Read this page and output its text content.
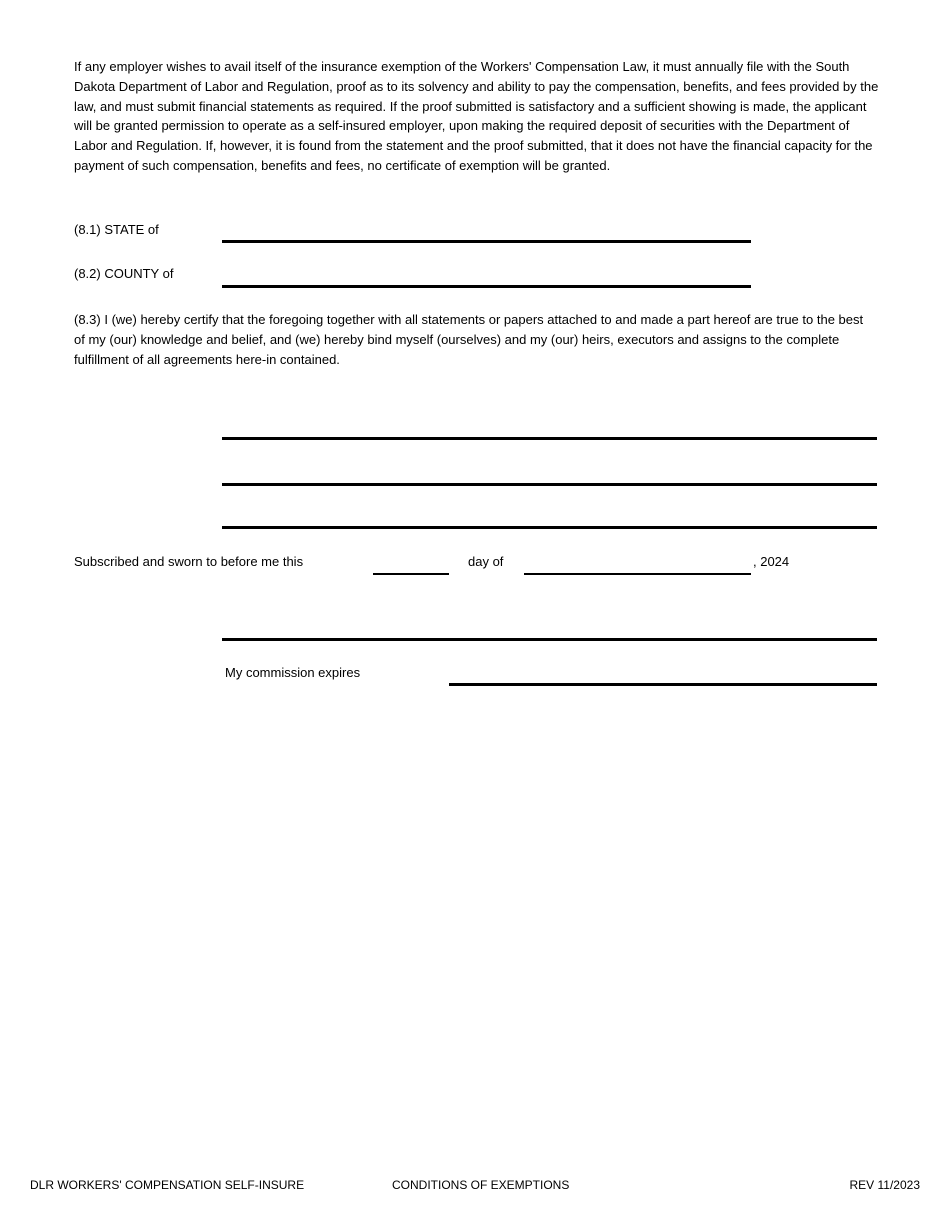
If any employer wishes to avail itself of the insurance exemption of the Workers' Compensation Law, it must annually file with the South Dakota Department of Labor and Regulation, proof as to its solvency and ability to pay the compensation, benefits, and fees provided by the law, and must submit financial statements as required. If the proof submitted is satisfactory and a sufficient showing is made, the applicant will be granted permission to operate as a self-insured employer, upon making the required deposit of securities with the Department of Labor and Regulation. If, however, it is found from the statement and the proof submitted, that it does not have the financial capacity for the payment of such compensation, benefits and fees, no certificate of exemption will be granted.

(8.1) STATE of
(8.2) COUNTY of

(8.3) I (we) hereby certify that the foregoing together with all statements or papers attached to and made a part hereof are true to the best of my (our) knowledge and belief, and (we) hereby bind myself (ourselves) and my (our) heirs, executors and assigns to the complete fulfillment of all agreements here-in contained.

Subscribed and sworn to before me this	day of	, 2024
My commission expires
DLR WORKERS' COMPENSATION SELF-INSURE	CONDITIONS OF EXEMPTIONS	REV 11/2023
